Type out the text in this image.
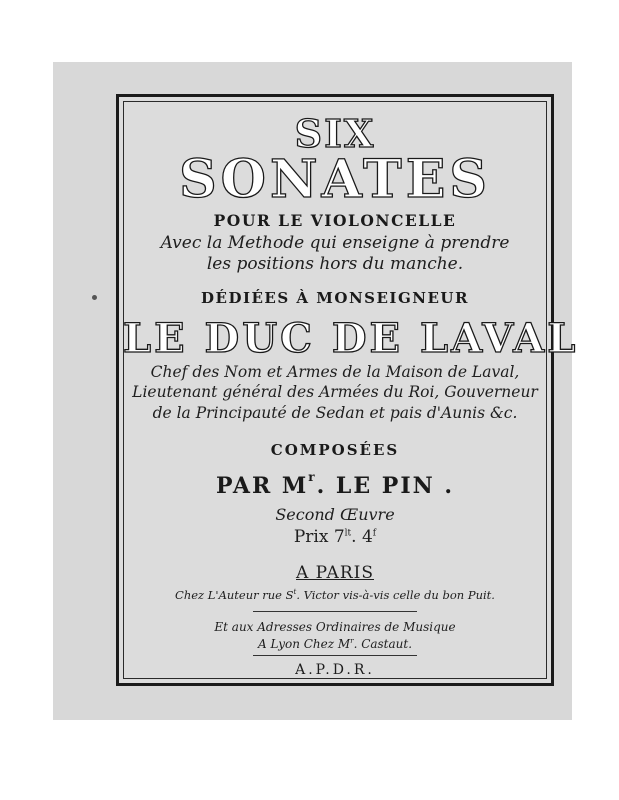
SIX
SONATES
POUR LE VIOLONCELLE
Avec la Methode qui enseigne à prendre
les positions hors du manche.
DÉDIÉES À MONSEIGNEUR
LE DUC DE LAVAL
Chef des Nom et Armes de la Maison de Laval,
Lieutenant général des Armées du Roi, Gouverneur
de la Principauté de Sedan et pais d'Aunis &c.
COMPOSÉES
PAR $M^r$. LE PIN .
Second Œuvre
Prix $7^{lt}$. 4$^f$
A PARIS
Chez L'Auteur rue $S^t$. Victor vis-à-vis celle du bon Puit.
Et aux Adresses Ordinaires de Musique
A Lyon Chez $M^r$. Castaut.
A.P.D.R.
